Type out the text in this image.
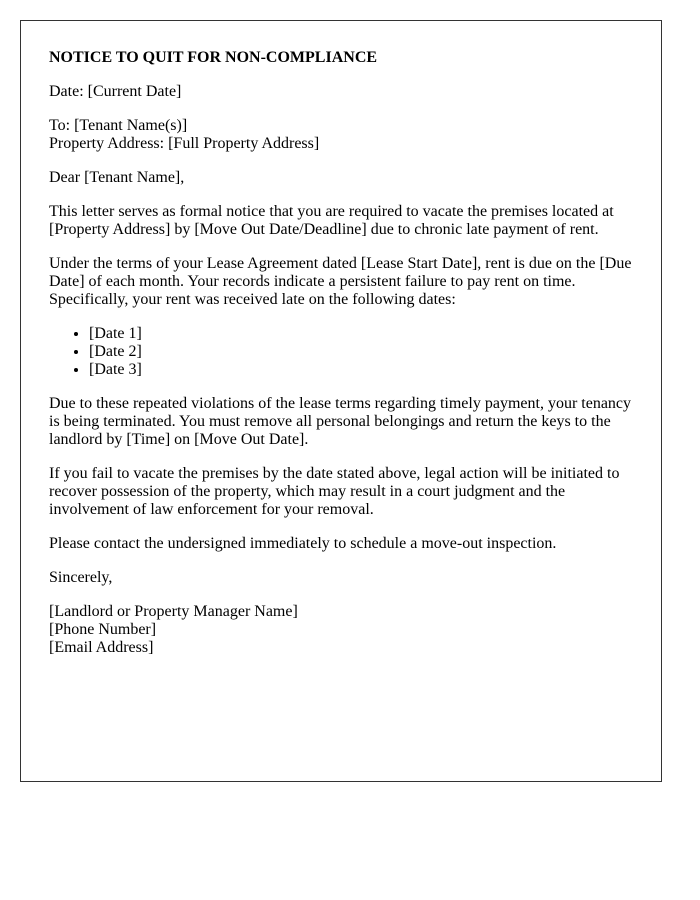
NOTICE TO QUIT FOR NON-COMPLIANCE

Date: [Current Date]

To: [Tenant Name(s)]
Property Address: [Full Property Address]

Dear [Tenant Name],

This letter serves as formal notice that you are required to vacate the premises located at [Property Address] by [Move Out Date/Deadline] due to chronic late payment of rent.

Under the terms of your Lease Agreement dated [Lease Start Date], rent is due on the [Due Date] of each month. Your records indicate a persistent failure to pay rent on time. Specifically, your rent was received late on the following dates:

• [Date 1]
• [Date 2]
• [Date 3]

Due to these repeated violations of the lease terms regarding timely payment, your tenancy is being terminated. You must remove all personal belongings and return the keys to the landlord by [Time] on [Move Out Date].

If you fail to vacate the premises by the date stated above, legal action will be initiated to recover possession of the property, which may result in a court judgment and the involvement of law enforcement for your removal.

Please contact the undersigned immediately to schedule a move-out inspection.

Sincerely,

[Landlord or Property Manager Name]
[Phone Number]
[Email Address]
